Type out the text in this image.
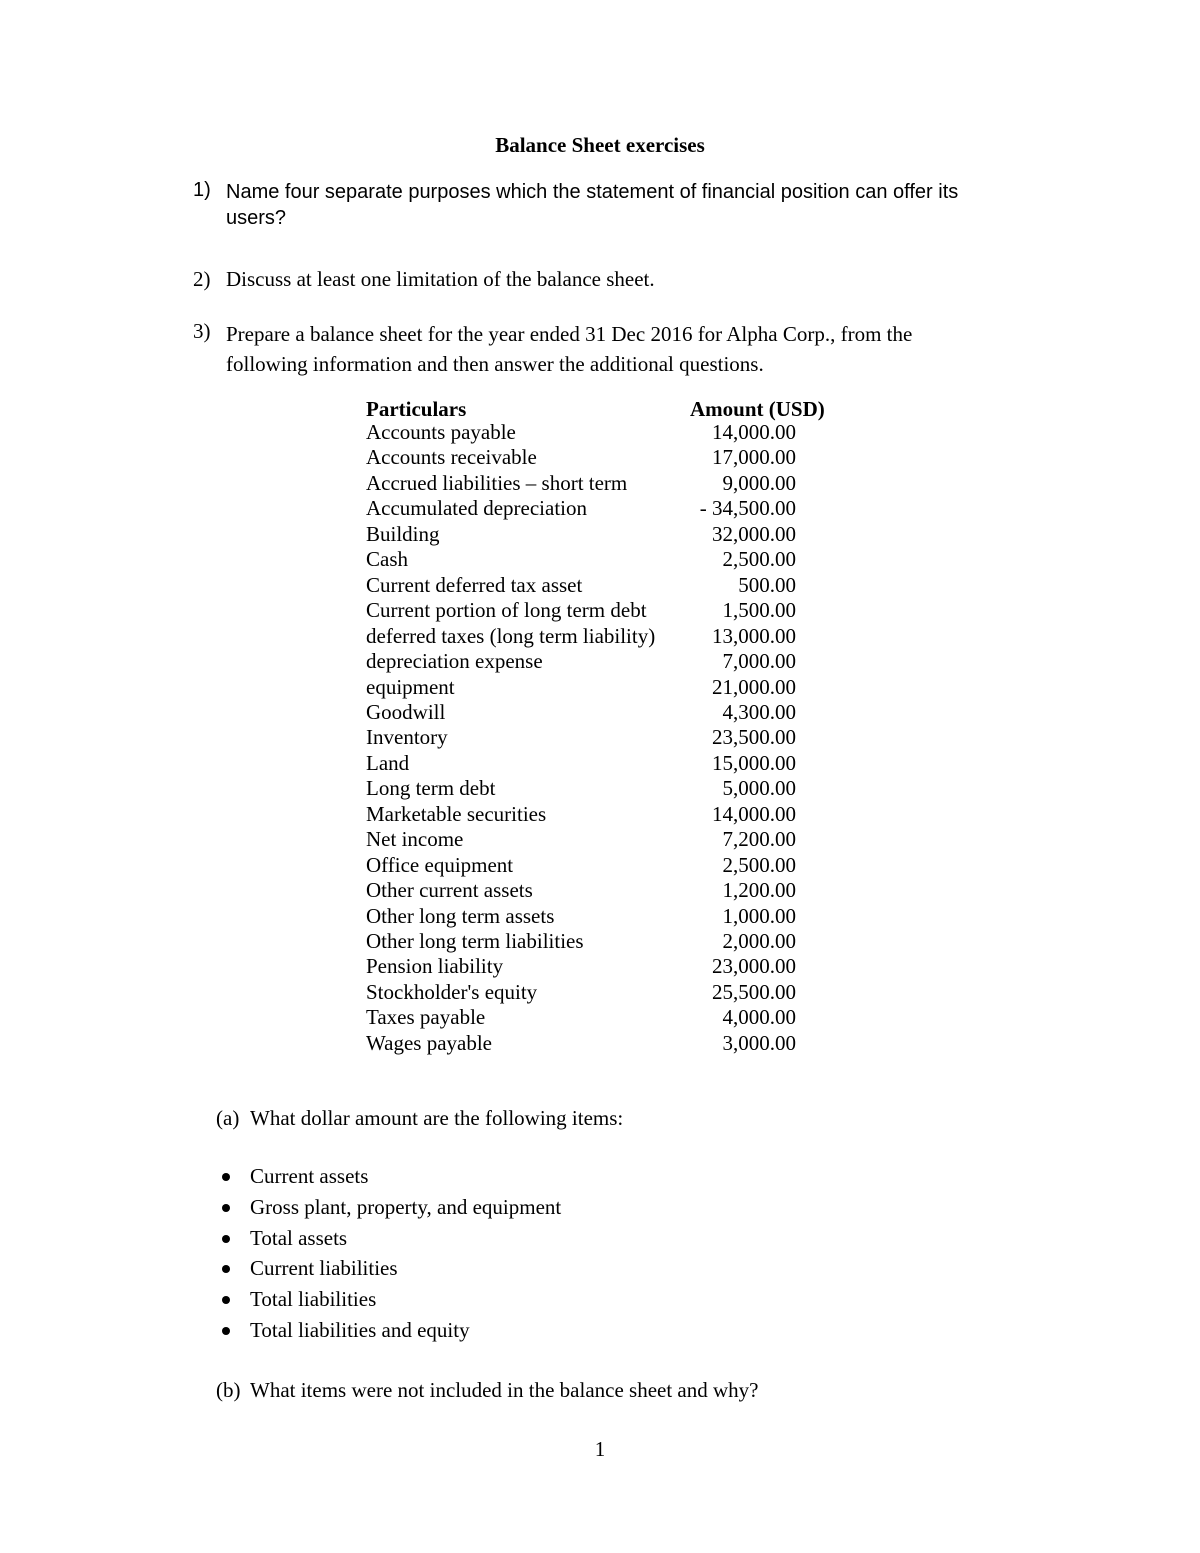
Balance Sheet exercises
1) Name four separate purposes which the statement of financial position can offer its users?
2) Discuss at least one limitation of the balance sheet.
3) Prepare a balance sheet for the year ended 31 Dec 2016 for Alpha Corp., from the following information and then answer the additional questions.
Particulars	Amount (USD)
Accounts payable	14,000.00
Accounts receivable	17,000.00
Accrued liabilities – short term	9,000.00
Accumulated depreciation	- 34,500.00
Building	32,000.00
Cash	2,500.00
Current deferred tax asset	500.00
Current portion of long term debt	1,500.00
deferred taxes (long term liability)	13,000.00
depreciation expense	7,000.00
equipment	21,000.00
Goodwill	4,300.00
Inventory	23,500.00
Land	15,000.00
Long term debt	5,000.00
Marketable securities	14,000.00
Net income	7,200.00
Office equipment	2,500.00
Other current assets	1,200.00
Other long term assets	1,000.00
Other long term liabilities	2,000.00
Pension liability	23,000.00
Stockholder's equity	25,500.00
Taxes payable	4,000.00
Wages payable	3,000.00
(a) What dollar amount are the following items:
Current assets
Gross plant, property, and equipment
Total assets
Current liabilities
Total liabilities
Total liabilities and equity
(b) What items were not included in the balance sheet and why?
1
